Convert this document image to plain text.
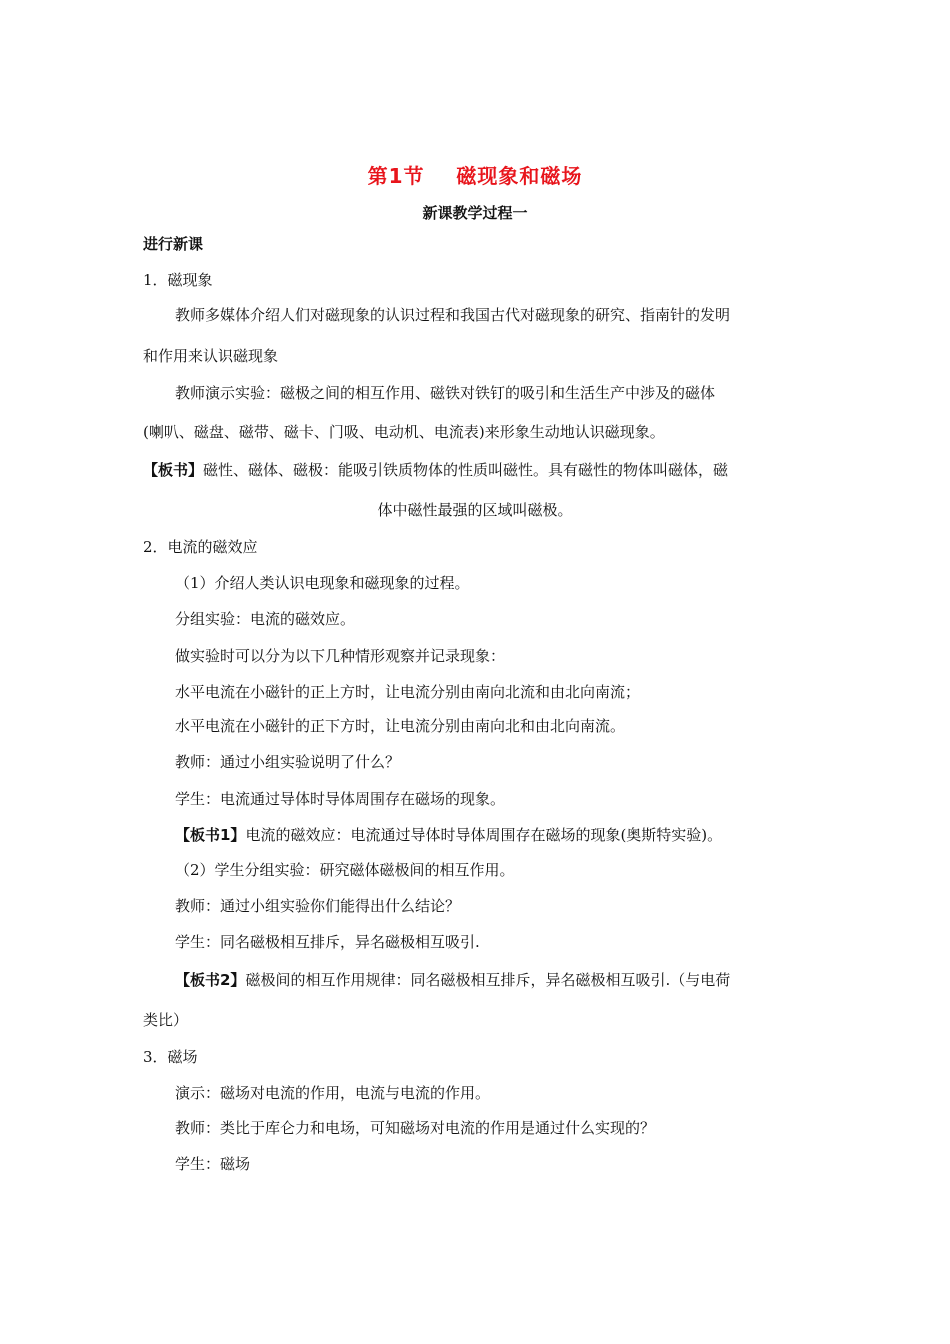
第1节    磁现象和磁场
新课教学过程一
进行新课
1．磁现象
教师多媒体介绍人们对磁现象的认识过程和我国古代对磁现象的研究、指南针的发明
和作用来认识磁现象
教师演示实验：磁极之间的相互作用、磁铁对铁钉的吸引和生活生产中涉及的磁体
(喇叭、磁盘、磁带、磁卡、门吸、电动机、电流表)来形象生动地认识磁现象。
【板书】磁性、磁体、磁极：能吸引铁质物体的性质叫磁性。具有磁性的物体叫磁体，磁
体中磁性最强的区域叫磁极。
2．电流的磁效应
（1）介绍人类认识电现象和磁现象的过程。
分组实验：电流的磁效应。
做实验时可以分为以下几种情形观察并记录现象：
水平电流在小磁针的正上方时，让电流分别由南向北流和由北向南流；
水平电流在小磁针的正下方时，让电流分别由南向北和由北向南流。
教师：通过小组实验说明了什么？
学生：电流通过导体时导体周围存在磁场的现象。
【板书1】电流的磁效应：电流通过导体时导体周围存在磁场的现象(奥斯特实验)。
（2）学生分组实验：研究磁体磁极间的相互作用。
教师：通过小组实验你们能得出什么结论？
学生：同名磁极相互排斥，异名磁极相互吸引.
【板书2】磁极间的相互作用规律：同名磁极相互排斥，异名磁极相互吸引.（与电荷
类比）
3．磁场
演示：磁场对电流的作用，电流与电流的作用。
教师：类比于库仑力和电场，可知磁场对电流的作用是通过什么实现的？
学生：磁场
